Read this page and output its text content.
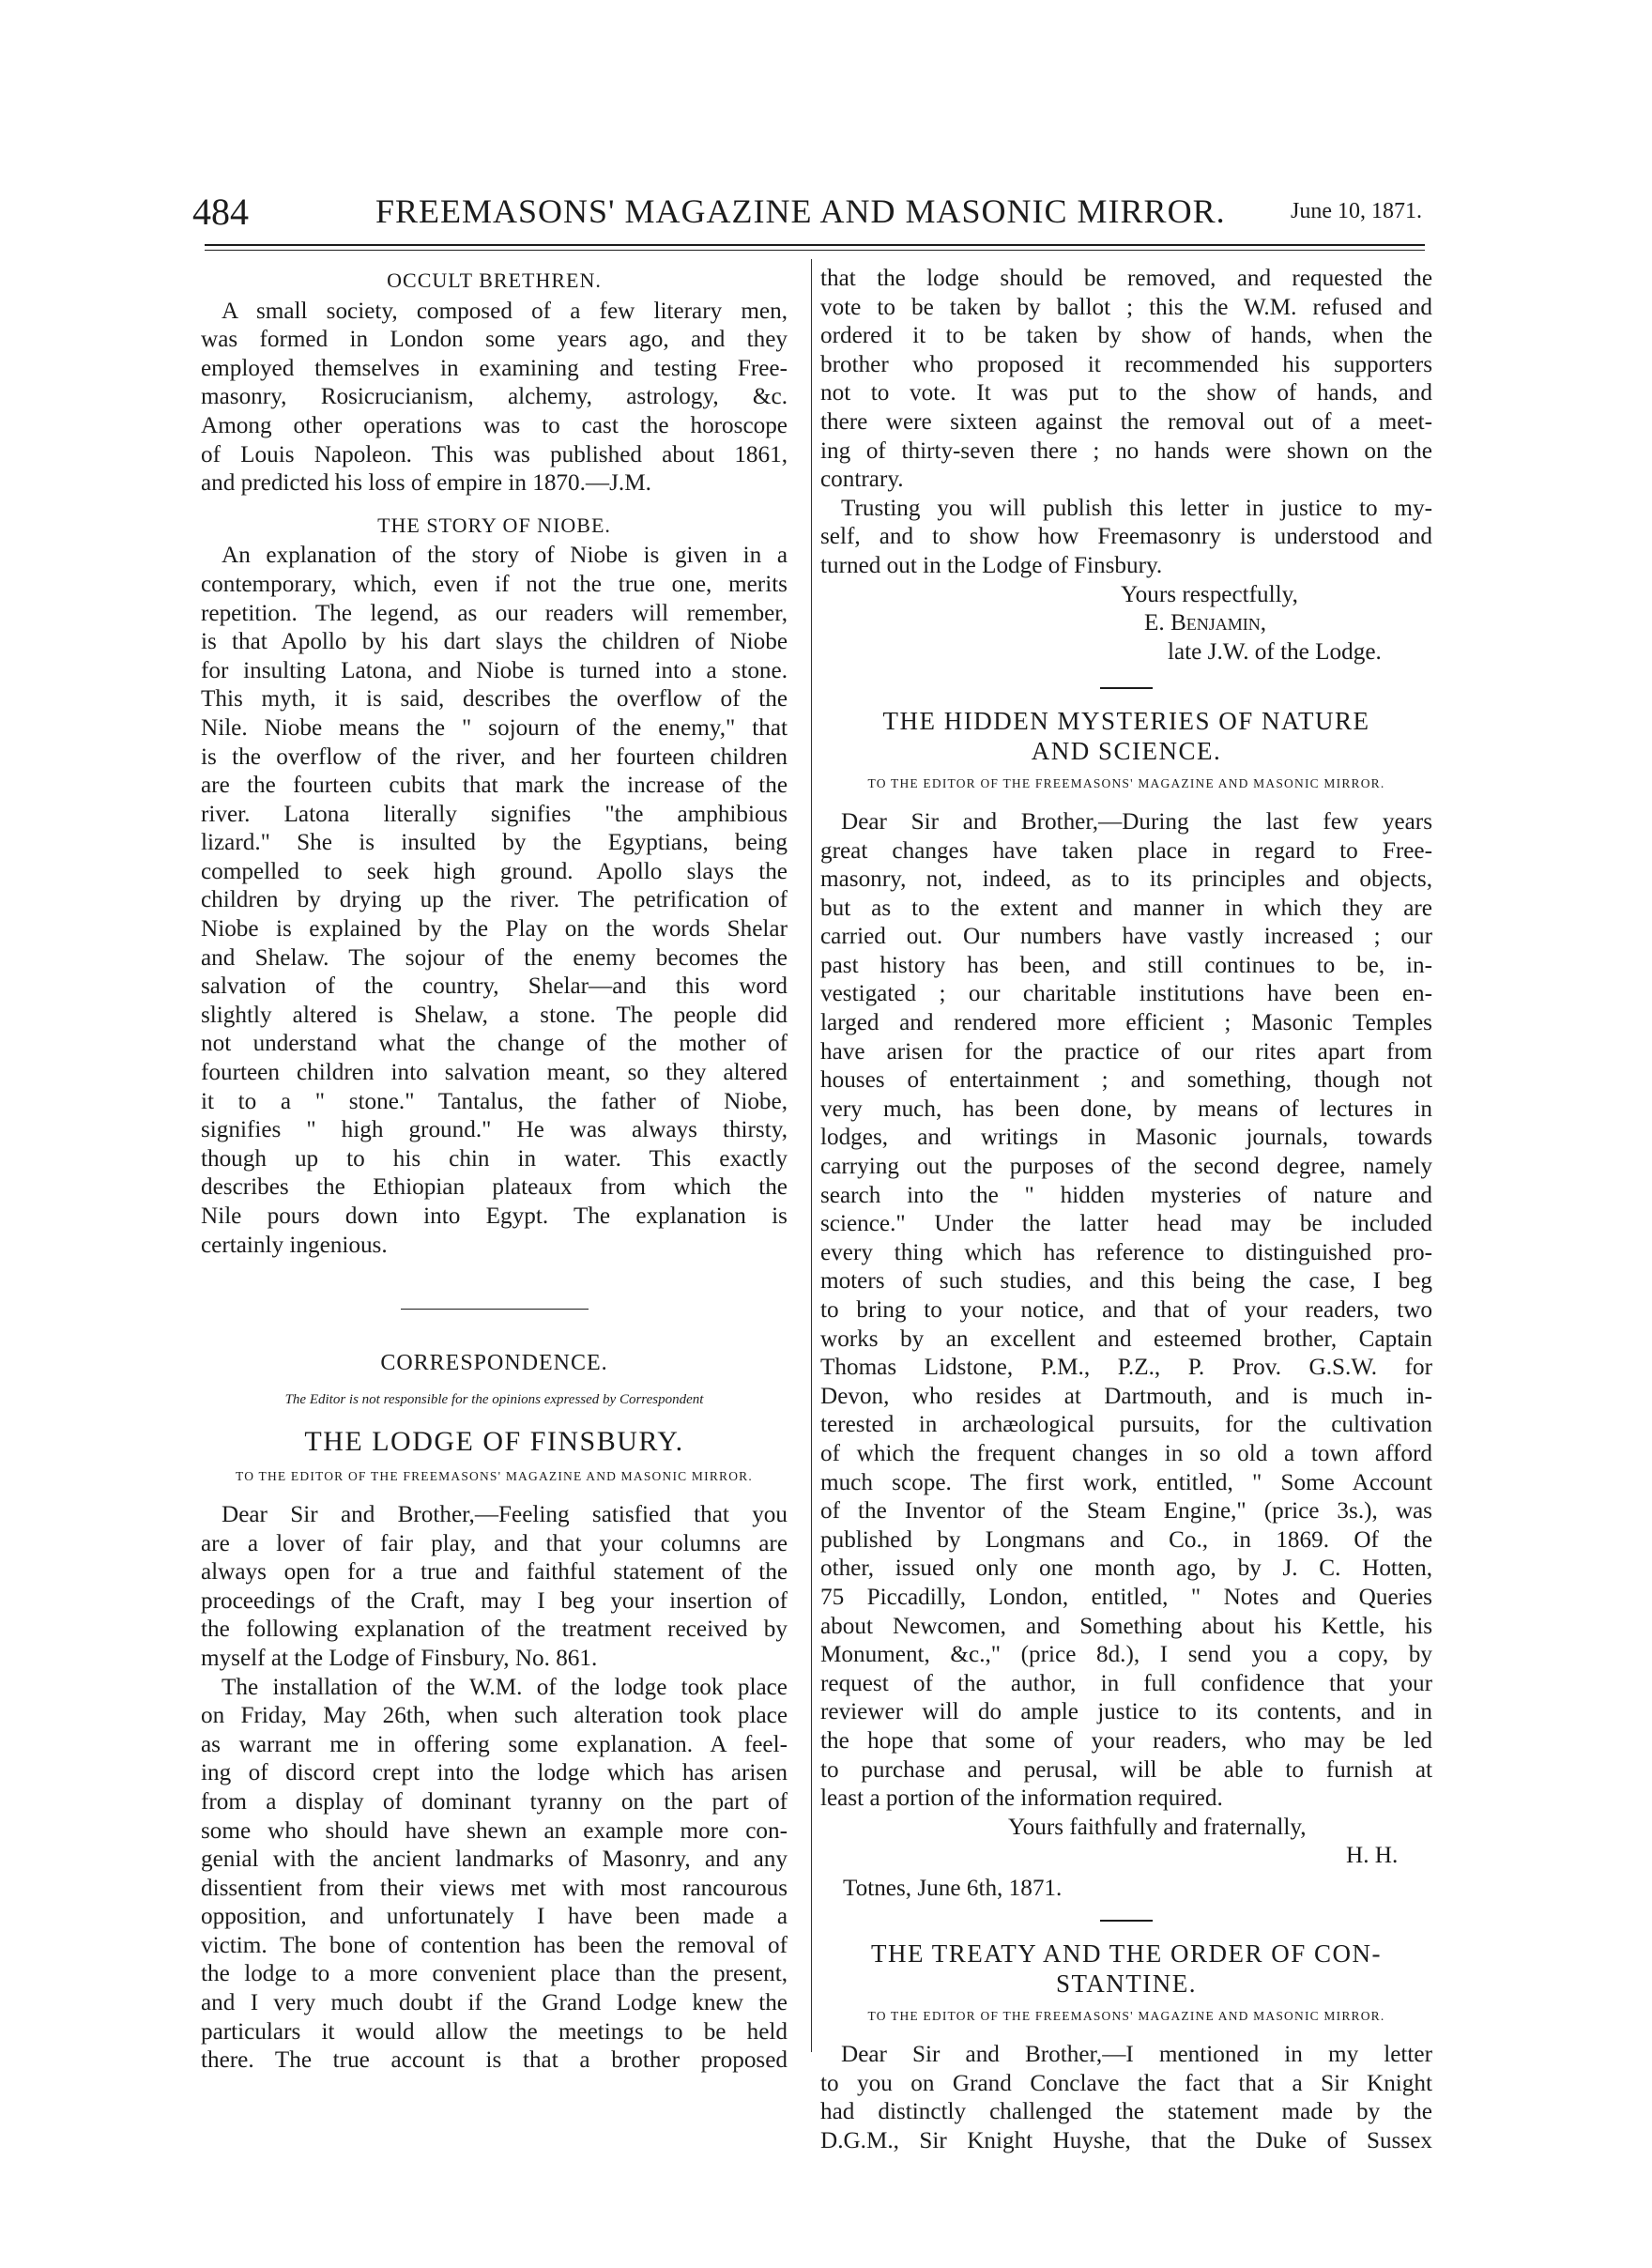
484	FREEMASONS' MAGAZINE AND MASONIC MIRROR.	June 10, 1871.
OCCULT BRETHREN.
A small society, composed of a few literary men,
was formed in London some years ago, and they
employed themselves in examining and testing Free-
masonry, Rosicrucianism, alchemy, astrology, &c.
Among other operations was to cast the horoscope
of Louis Napoleon. This was published about 1861,
and predicted his loss of empire in 1870.—J.M.
THE STORY OF NIOBE.
An explanation of the story of Niobe is given in a
contemporary, which, even if not the true one, merits
repetition. The legend, as our readers will remember,
is that Apollo by his dart slays the children of Niobe
for insulting Latona, and Niobe is turned into a stone.
This myth, it is said, describes the overflow of the
Nile. Niobe means the " sojourn of the enemy," that
is the overflow of the river, and her fourteen children
are the fourteen cubits that mark the increase of the
river. Latona literally signifies "the amphibious
lizard." She is insulted by the Egyptians, being
compelled to seek high ground. Apollo slays the
children by drying up the river. The petrification of
Niobe is explained by the Play on the words Shelar
and Shelaw. The sojour of the enemy becomes the
salvation of the country, Shelar—and this word
slightly altered is Shelaw, a stone. The people did
not understand what the change of the mother of
fourteen children into salvation meant, so they altered
it to a " stone." Tantalus, the father of Niobe,
signifies " high ground." He was always thirsty,
though up to his chin in water. This exactly
describes the Ethiopian plateaux from which the
Nile pours down into Egypt. The explanation is
certainly ingenious.
CORRESPONDENCE.
The Editor is not responsible for the opinions expressed by Correspondent
THE LODGE OF FINSBURY.
TO THE EDITOR OF THE FREEMASONS' MAGAZINE AND MASONIC MIRROR.
Dear Sir and Brother,—Feeling satisfied that you
are a lover of fair play, and that your columns are
always open for a true and faithful statement of the
proceedings of the Craft, may I beg your insertion of
the following explanation of the treatment received by
myself at the Lodge of Finsbury, No. 861.
The installation of the W.M. of the lodge took place
on Friday, May 26th, when such alteration took place
as warrant me in offering some explanation. A feel-
ing of discord crept into the lodge which has arisen
from a display of dominant tyranny on the part of
some who should have shewn an example more con-
genial with the ancient landmarks of Masonry, and any
dissentient from their views met with most rancourous
opposition, and unfortunately I have been made a
victim. The bone of contention has been the removal of
the lodge to a more convenient place than the present,
and I very much doubt if the Grand Lodge knew the
particulars it would allow the meetings to be held
there. The true account is that a brother proposed
that the lodge should be removed, and requested the
vote to be taken by ballot ; this the W.M. refused and
ordered it to be taken by show of hands, when the
brother who proposed it recommended his supporters
not to vote. It was put to the show of hands, and
there were sixteen against the removal out of a meet-
ing of thirty-seven there ; no hands were shown on the
contrary.
Trusting you will publish this letter in justice to my-
self, and to show how Freemasonry is understood and
turned out in the Lodge of Finsbury.
Yours respectfully,
E. Benjamin,
late J.W. of the Lodge.
THE HIDDEN MYSTERIES OF NATURE
AND SCIENCE.
TO THE EDITOR OF THE FREEMASONS' MAGAZINE AND MASONIC MIRROR.
Dear Sir and Brother,—During the last few years
great changes have taken place in regard to Free-
masonry, not, indeed, as to its principles and objects,
but as to the extent and manner in which they are
carried out. Our numbers have vastly increased ; our
past history has been, and still continues to be, in-
vestigated ; our charitable institutions have been en-
larged and rendered more efficient ; Masonic Temples
have arisen for the practice of our rites apart from
houses of entertainment ; and something, though not
very much, has been done, by means of lectures in
lodges, and writings in Masonic journals, towards
carrying out the purposes of the second degree, namely
search into the " hidden mysteries of nature and
science." Under the latter head may be included
every thing which has reference to distinguished pro-
moters of such studies, and this being the case, I beg
to bring to your notice, and that of your readers, two
works by an excellent and esteemed brother, Captain
Thomas Lidstone, P.M., P.Z., P. Prov. G.S.W. for
Devon, who resides at Dartmouth, and is much in-
terested in archæological pursuits, for the cultivation
of which the frequent changes in so old a town afford
much scope. The first work, entitled, " Some Account
of the Inventor of the Steam Engine," (price 3s.), was
published by Longmans and Co., in 1869. Of the
other, issued only one month ago, by J. C. Hotten,
75 Piccadilly, London, entitled, " Notes and Queries
about Newcomen, and Something about his Kettle, his
Monument, &c.," (price 8d.), I send you a copy, by
request of the author, in full confidence that your
reviewer will do ample justice to its contents, and in
the hope that some of your readers, who may be led
to purchase and perusal, will be able to furnish at
least a portion of the information required.
Yours faithfully and fraternally,
H. H.
Totnes, June 6th, 1871.
THE TREATY AND THE ORDER OF CON-
STANTINE.
TO THE EDITOR OF THE FREEMASONS' MAGAZINE AND MASONIC MIRROR.
Dear Sir and Brother,—I mentioned in my letter
to you on Grand Conclave the fact that a Sir Knight
had distinctly challenged the statement made by the
D.G.M., Sir Knight Huyshe, that the Duke of Sussex
